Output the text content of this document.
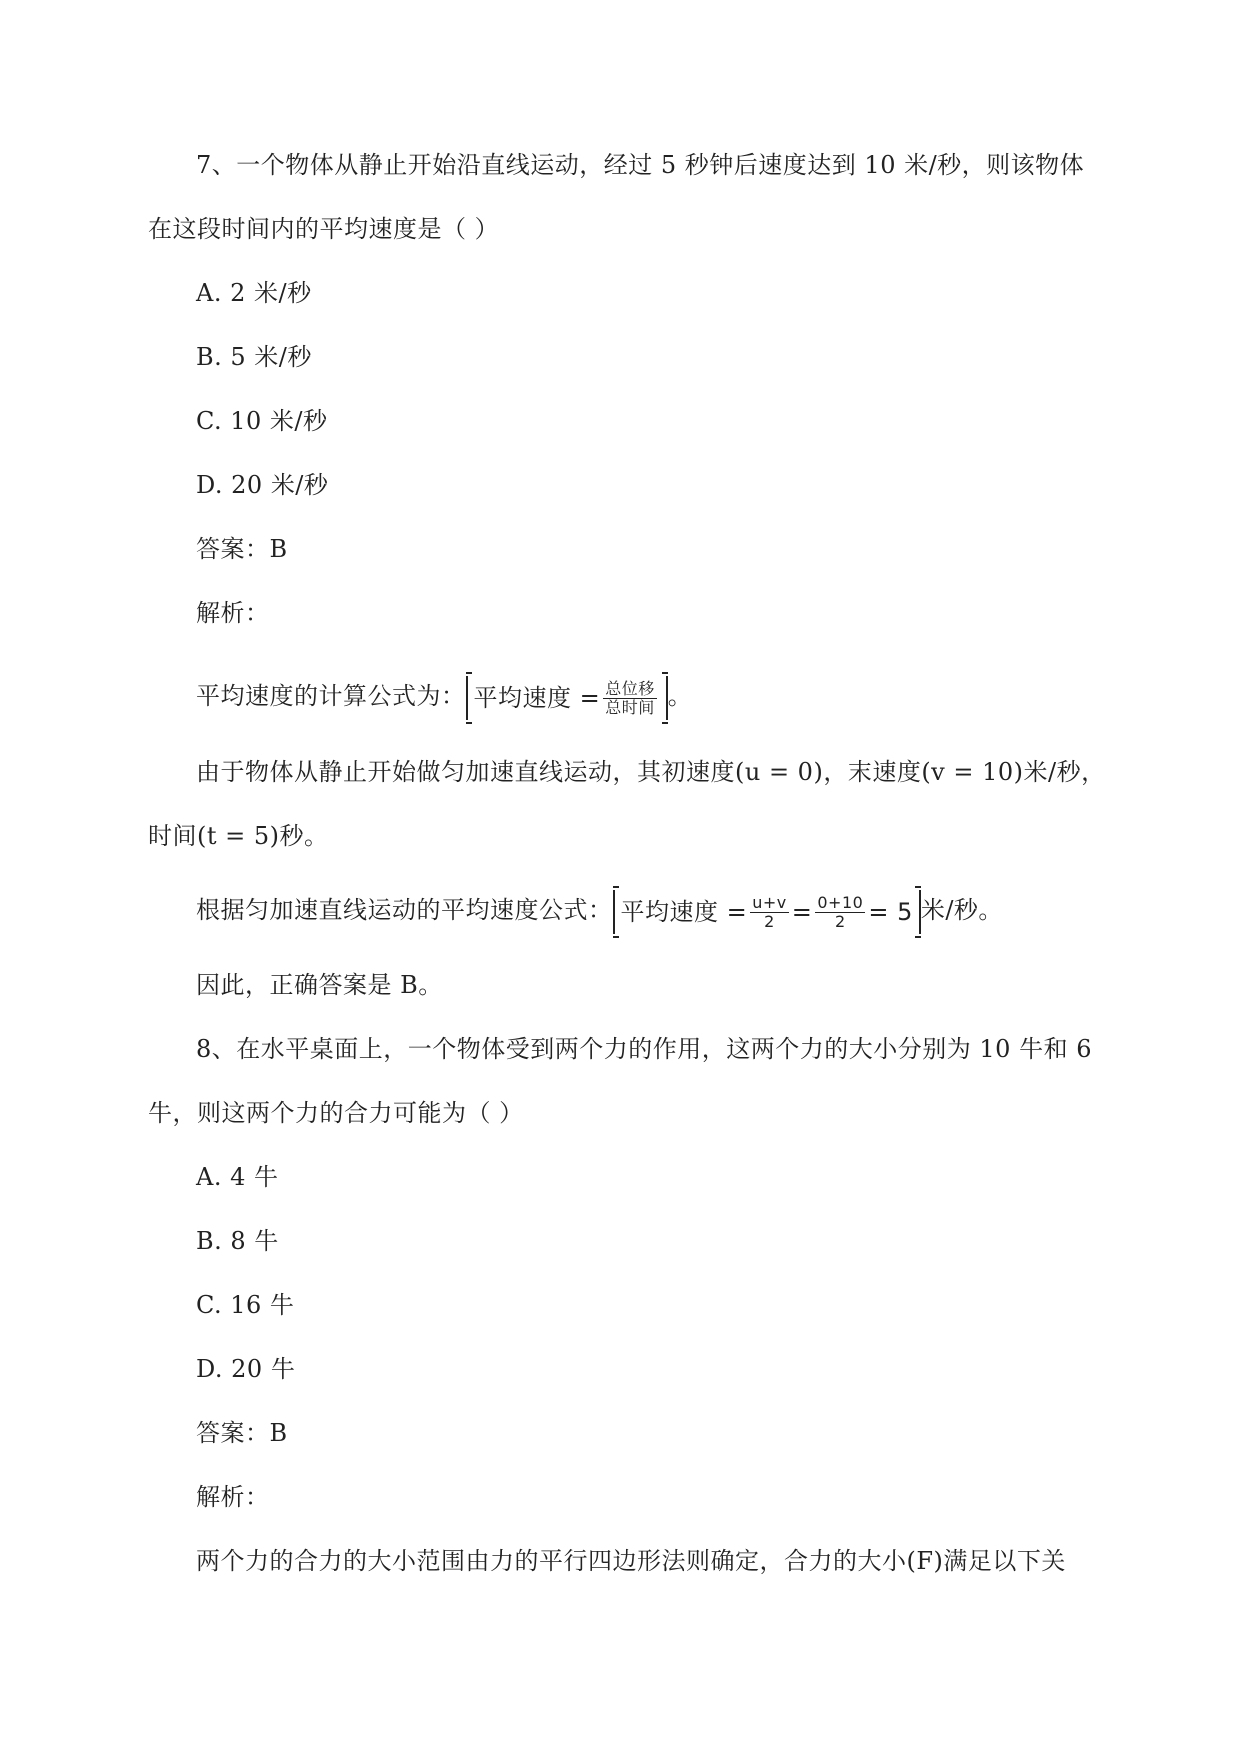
7、一个物体从静止开始沿直线运动，经过 5 秒钟后速度达到 10 米/秒，则该物体
在这段时间内的平均速度是（ ）
A. 2 米/秒
B. 5 米/秒
C. 10 米/秒
D. 20 米/秒
答案：B
解析：
平均速度的计算公式为： 平均速度 = $\frac{\text{总位移}}{\text{总时间}}$ 。
由于物体从静止开始做匀加速直线运动，其初速度(u = 0)，末速度(v = 10)米/秒，
时间(t = 5)秒。
根据匀加速直线运动的平均速度公式： 平均速度 = $\frac{u+v}{2} = \frac{0+10}{2} = 5$ 米/秒。
因此，正确答案是 B。
8、在水平桌面上，一个物体受到两个力的作用，这两个力的大小分别为 10 牛和 6
牛，则这两个力的合力可能为（ ）
A. 4 牛
B. 8 牛
C. 16 牛
D. 20 牛
答案：B
解析：
两个力的合力的大小范围由力的平行四边形法则确定，合力的大小(F)满足以下关
